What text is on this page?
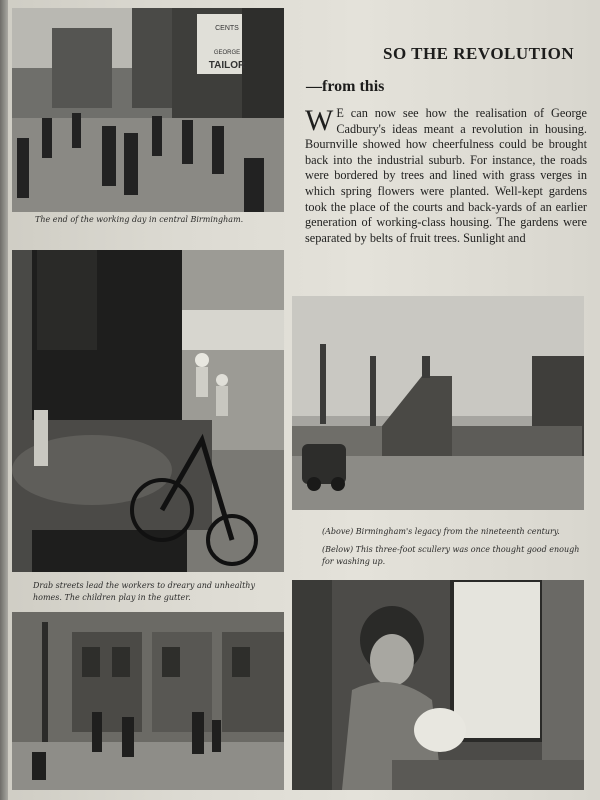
CENTS
GEORGE
TAILOR
The end of the working day in central Birmingham.
Drab streets lead the workers to dreary and unhealthy homes. The children play in the gutter.
(Above) Birmingham's legacy from the nineteenth century.
(Below) This three-foot scullery was once thought good enough for washing up.
SO THE REVOLUTION
—from this
W E can now see how the realisation of George Cadbury's ideas meant a revolution in housing. Bournville showed how cheerfulness could be brought back into the industrial suburb. For instance, the roads were bordered by trees and lined with grass verges in which spring flowers were planted. Well-kept gardens took the place of the courts and back-yards of an earlier generation of working-class housing. The gardens were separated by belts of fruit trees. Sunlight and
